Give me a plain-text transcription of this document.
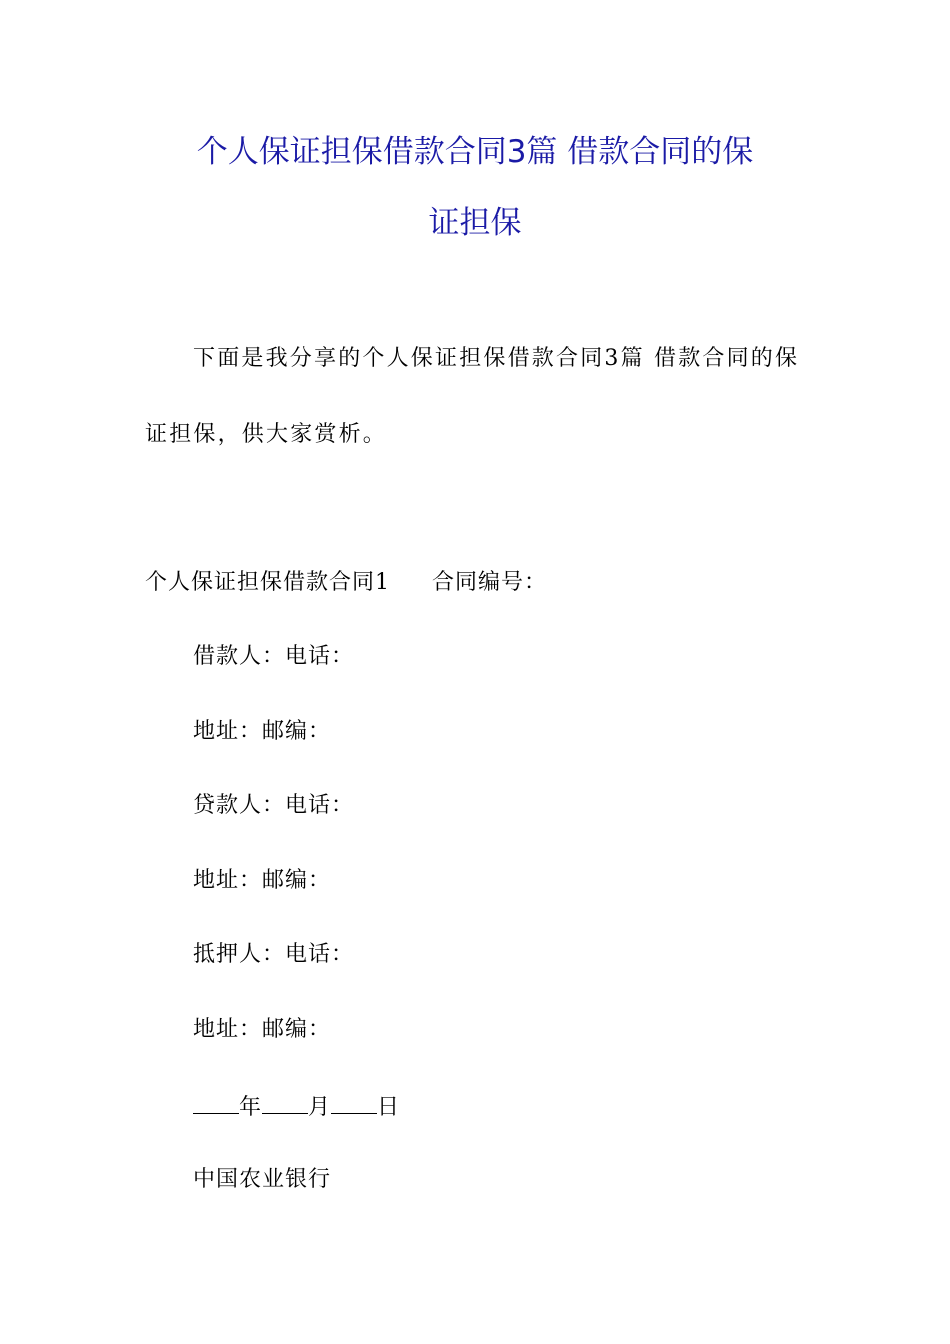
个人保证担保借款合同3篇 借款合同的保
证担保

下面是我分享的个人保证担保借款合同3篇 借款合同的保

证担保，供大家赏析。

个人保证担保借款合同1 合同编号：

借款人：电话：

地址：邮编：

贷款人：电话：

地址：邮编：

抵押人：电话：

地址：邮编：

年 月 日

中国农业银行
